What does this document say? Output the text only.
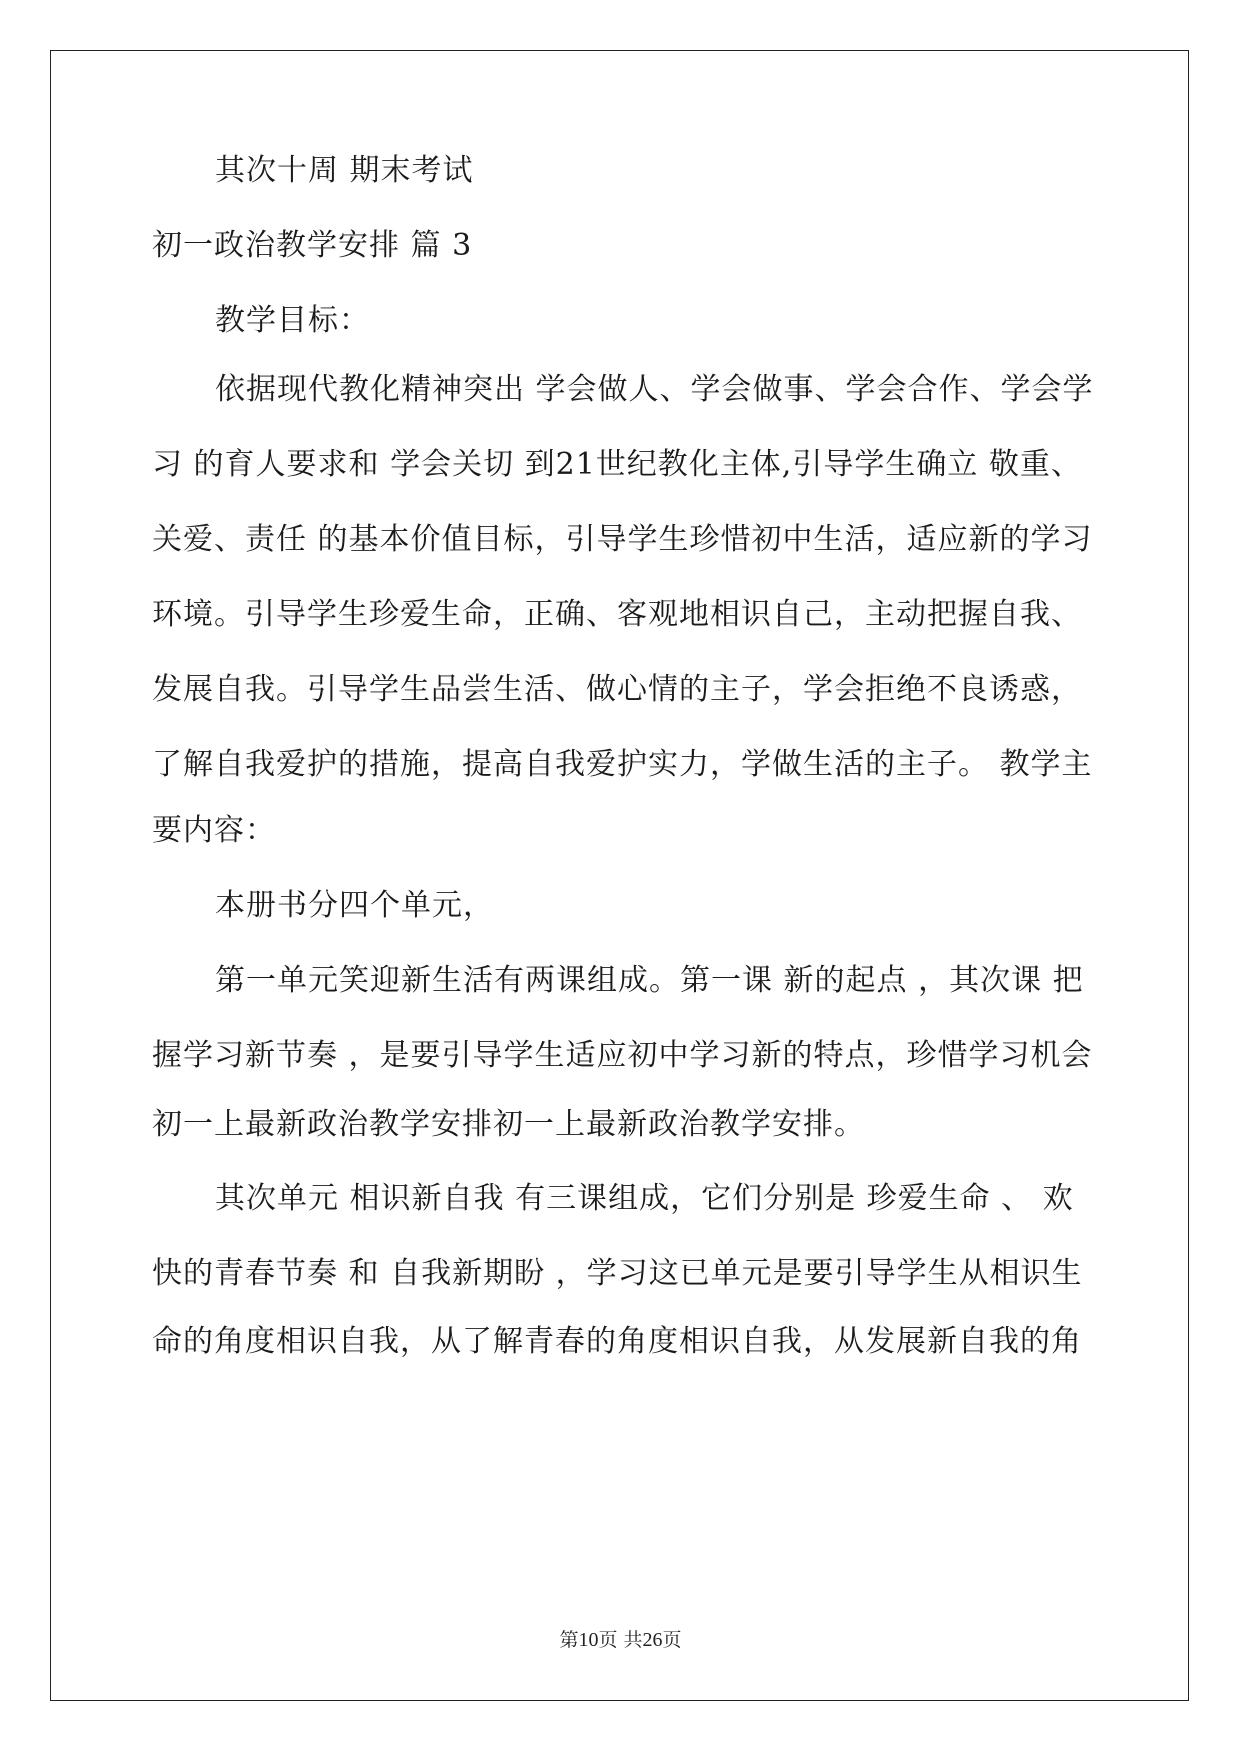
其次十周 期末考试
初一政治教学安排 篇 3
教学目标：
依据现代教化精神突出 学会做人、学会做事、学会合作、学会学
习 的育人要求和 学会关切 到21世纪教化主体,引导学生确立 敬重、
关爱、责任 的基本价值目标，引导学生珍惜初中生活，适应新的学习
环境。引导学生珍爱生命，正确、客观地相识自己，主动把握自我、
发展自我。引导学生品尝生活、做心情的主子，学会拒绝不良诱惑，
了解自我爱护的措施，提高自我爱护实力，学做生活的主子。 教学主
要内容：
本册书分四个单元，
第一单元笑迎新生活有两课组成。第一课 新的起点 ，其次课 把
握学习新节奏 ，是要引导学生适应初中学习新的特点，珍惜学习机会
初一上最新政治教学安排初一上最新政治教学安排。
其次单元 相识新自我 有三课组成，它们分别是 珍爱生命 、 欢
快的青春节奏 和 自我新期盼 ，学习这已单元是要引导学生从相识生
命的角度相识自我，从了解青春的角度相识自我，从发展新自我的角
第10页 共26页
